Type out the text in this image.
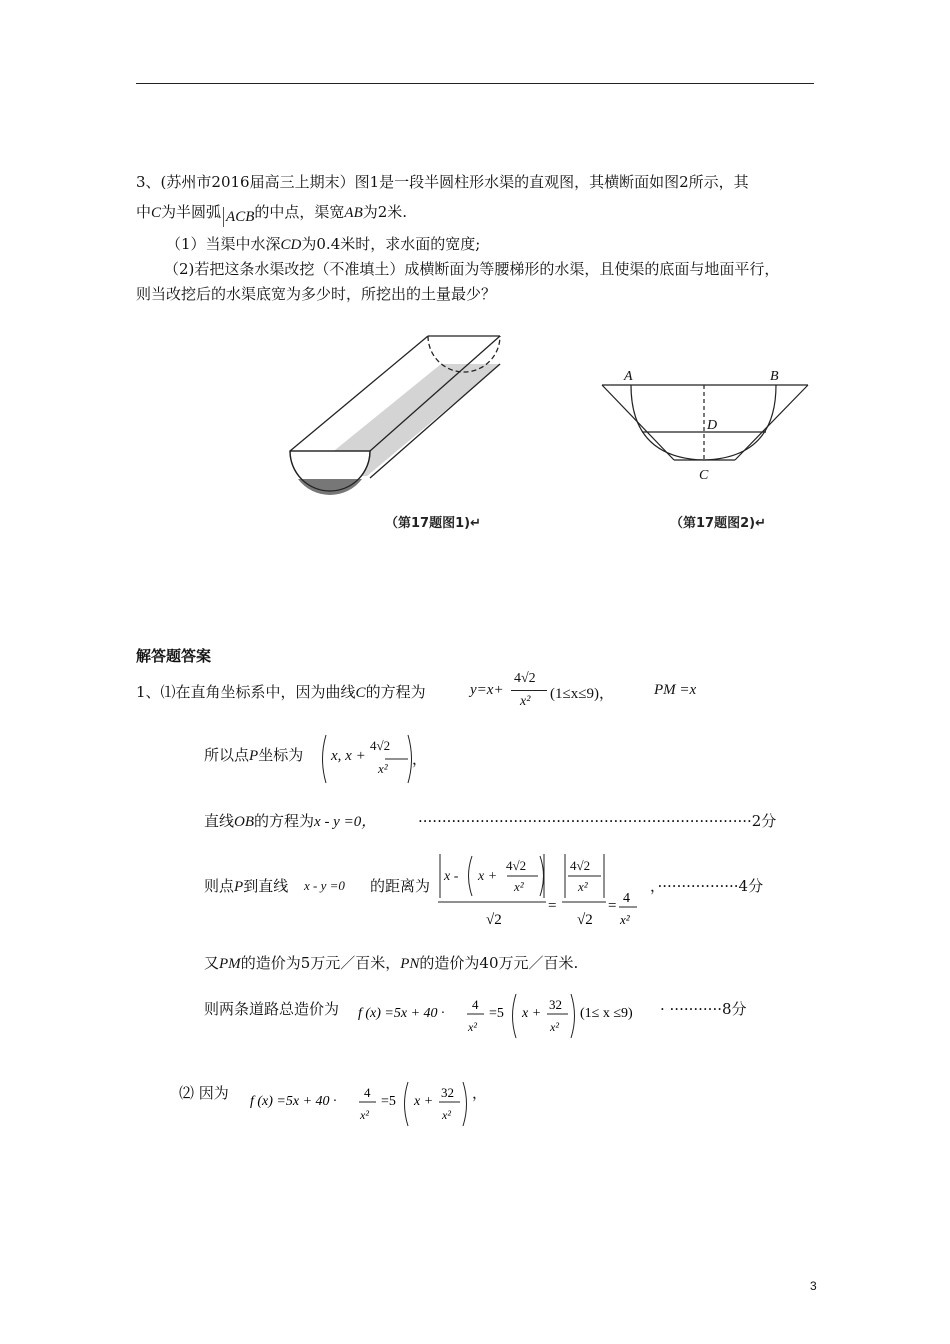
3、(苏州市2016届高三上期末）图1是一段半圆柱形水渠的直观图，其横断面如图2所示，其
中C为半圆弧 ACB的中点，渠宽AB为2米.
（1）当渠中水深CD为0.4米时，求水面的宽度;
（2)若把这条水渠改挖（不准填土）成横断面为等腰梯形的水渠，且使渠的底面与地面平行，
则当改挖后的水渠底宽为多少时，所挖出的土量最少？
（第17题图1)↵
A	B
D
C
（第17题图2)↵
解答题答案
1、⑴在直角坐标系中，因为曲线C的方程为	y=x+
4√2
x² (1≤x≤9)，	PM =x
所以点P坐标为 x, x +
4√2
x²
，
直线OB的方程为x - y =0，	······································································2分
则点P到直线 x - y =0 的距离为
√2
=
√2
= 4
x²
x - x +
4√2
x²
4√2
x²	，·················4分
又PM的造价为5万元／百米，PN的造价为40万元／百米.
则两条道路总造价为 f (x) =5x + 40 ·
4
x²
=5 x +
32
x²
(1≤ x ≤9) · ···········8分
⑵ 因为 f (x) =5x + 40 ·
4
x²
=5 x +
32
x²
，
3
